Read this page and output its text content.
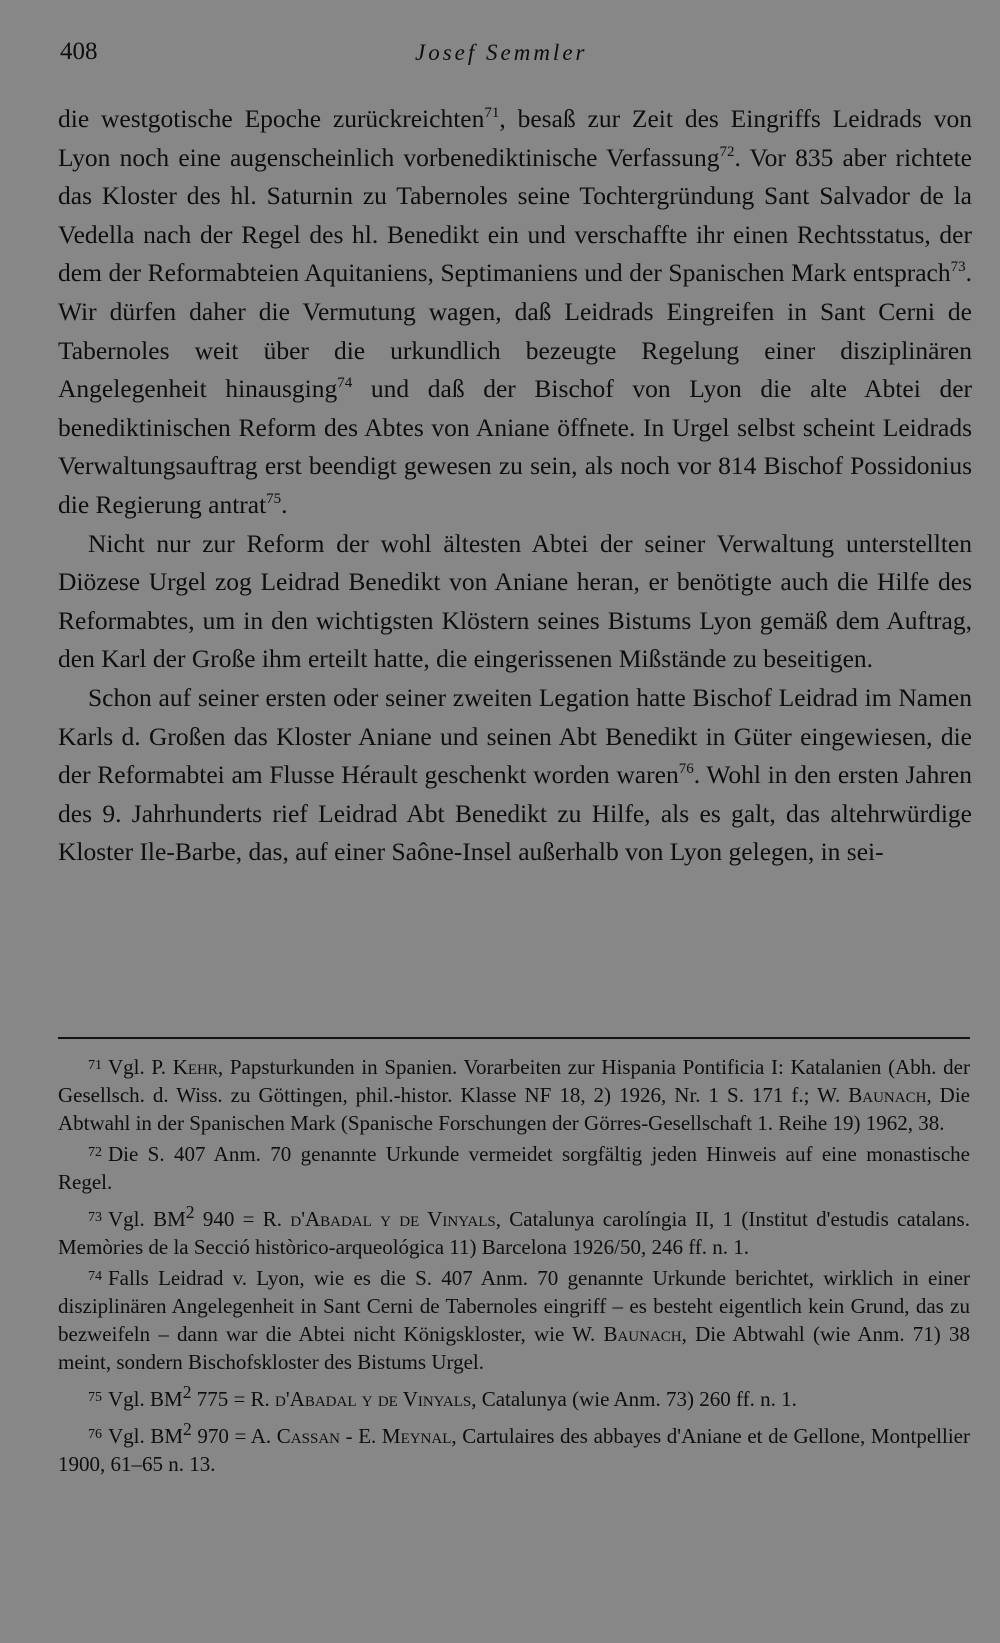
408	Josef Semmler

die westgotische Epoche zurückreichten$^{71}$, besaß zur Zeit des Eingriffs Leidrads von Lyon noch eine augenscheinlich vorbenediktinische Verfassung$^{72}$. Vor 835 aber richtete das Kloster des hl. Saturnin zu Tabernoles seine Tochtergründung Sant Salvador de la Vedella nach der Regel des hl. Benedikt ein und verschaffte ihr einen Rechtsstatus, der dem der Reformabteien Aquitaniens, Septimaniens und der Spanischen Mark entsprach$^{73}$. Wir dürfen daher die Vermutung wagen, daß Leidrads Eingreifen in Sant Cerni de Tabernoles weit über die urkundlich bezeugte Regelung einer disziplinären Angelegenheit hinausging$^{74}$ und daß der Bischof von Lyon die alte Abtei der benediktinischen Reform des Abtes von Aniane öffnete. In Urgel selbst scheint Leidrads Verwaltungsauftrag erst beendigt gewesen zu sein, als noch vor 814 Bischof Possidonius die Regierung antrat$^{75}$.

Nicht nur zur Reform der wohl ältesten Abtei der seiner Verwaltung unterstellten Diözese Urgel zog Leidrad Benedikt von Aniane heran, er benötigte auch die Hilfe des Reformabtes, um in den wichtigsten Klöstern seines Bistums Lyon gemäß dem Auftrag, den Karl der Große ihm erteilt hatte, die eingerissenen Mißstände zu beseitigen.

Schon auf seiner ersten oder seiner zweiten Legation hatte Bischof Leidrad im Namen Karls d. Großen das Kloster Aniane und seinen Abt Benedikt in Güter eingewiesen, die der Reformabtei am Flusse Hérault geschenkt worden waren$^{76}$. Wohl in den ersten Jahren des 9. Jahrhunderts rief Leidrad Abt Benedikt zu Hilfe, als es galt, das altehrwürdige Kloster Ile-Barbe, das, auf einer Saône-Insel außerhalb von Lyon gelegen, in sei-

$^{71}$ Vgl. P. Kehr, Papsturkunden in Spanien. Vorarbeiten zur Hispania Pontificia I: Katalanien (Abh. der Gesellsch. d. Wiss. zu Göttingen, phil.-histor. Klasse NF 18, 2) 1926, Nr. 1 S. 171 f.; W. Baunach, Die Abtwahl in der Spanischen Mark (Spanische Forschungen der Görres-Gesellschaft 1. Reihe 19) 1962, 38.

$^{72}$ Die S. 407 Anm. 70 genannte Urkunde vermeidet sorgfältig jeden Hinweis auf eine monastische Regel.

$^{73}$ Vgl. $BM^2$ 940 = R. d'Abadal y de Vinyals, Catalunya carolíngia II, 1 (Institut d'estudis catalans. Memòries de la Secció històrico-arqueológica 11) Barcelona 1926/50, 246 ff. n. 1.

$^{74}$ Falls Leidrad v. Lyon, wie es die S. 407 Anm. 70 genannte Urkunde berichtet, wirklich in einer disziplinären Angelegenheit in Sant Cerni de Tabernoles eingriff – es besteht eigentlich kein Grund, das zu bezweifeln – dann war die Abtei nicht Königskloster, wie W. Baunach, Die Abtwahl (wie Anm. 71) 38 meint, sondern Bischofskloster des Bistums Urgel.

$^{75}$ Vgl. $BM^2$ 775 = R. d'Abadal y de Vinyals, Catalunya (wie Anm. 73) 260 ff. n. 1.

$^{76}$ Vgl. $BM^2$ 970 = A. Cassan - E. Meynal, Cartulaires des abbayes d'Aniane et de Gellone, Montpellier 1900, 61–65 n. 13.
